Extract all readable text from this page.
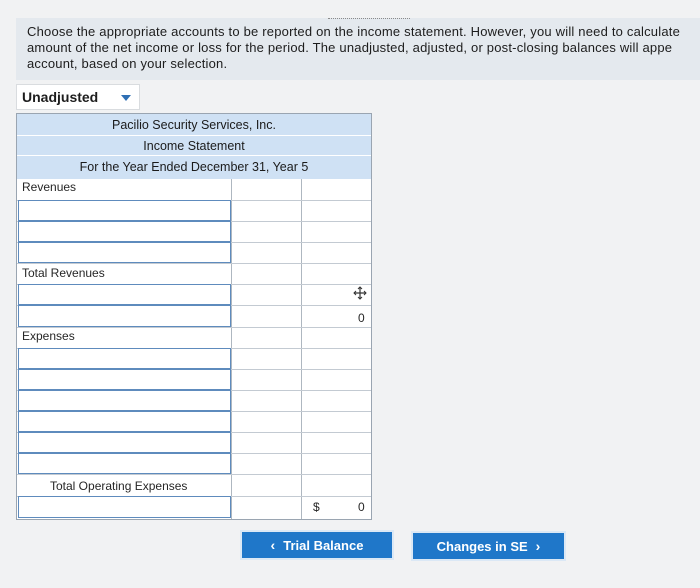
Choose the appropriate accounts to be reported on the income statement. However, you will need to calculate
amount of the net income or loss for the period. The unadjusted, adjusted, or post-closing balances will appe
account, based on your selection.
Unadjusted
Pacilio Security Services, Inc.
Income Statement
For the Year Ended December 31, Year 5
Revenues
Total Revenues
0
Expenses
Total Operating Expenses
$	0
‹ Trial Balance	Changes in SE ›
